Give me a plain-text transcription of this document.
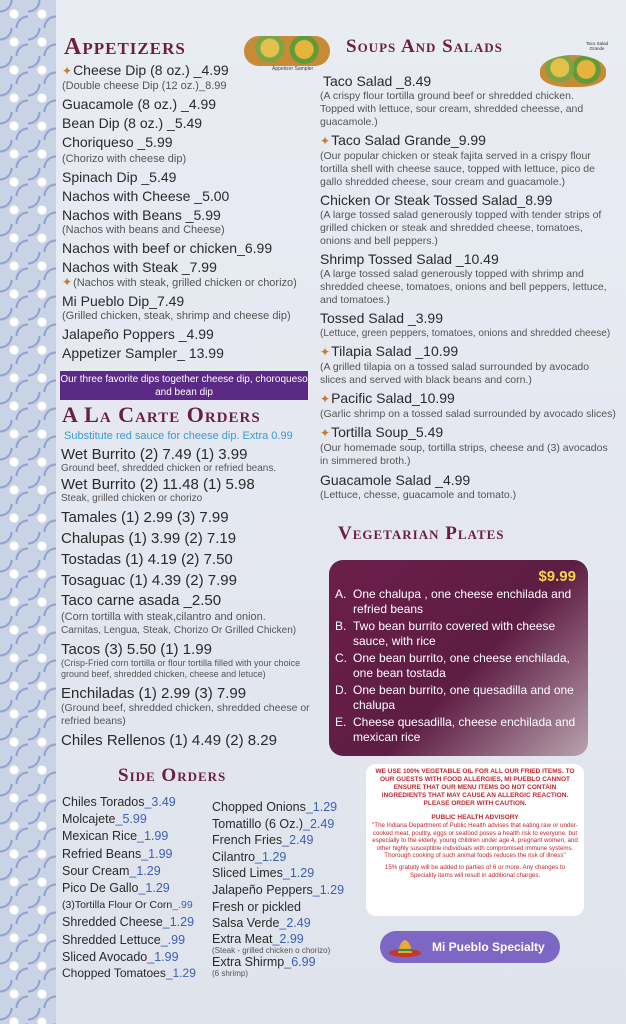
Appetizers
✦Cheese Dip (8 oz.) _4.99
(Double cheese Dip (12 oz.)_8.99
Guacamole (8 oz.) _4.99
Bean Dip (8 oz.) _5.49
Choriqueso _5.99
(Chorizo with cheese dip)
Spinach Dip _5.49
Nachos with Cheese _5.00
Nachos with Beans _5.99
(Nachos with beans and Cheese)
Nachos with beef or chicken_6.99
Nachos with Steak _7.99
✦(Nachos with steak, grilled chicken or chorizo)
Mi Pueblo Dip_7.49
(Grilled chicken, steak, shrimp and cheese dip)
Jalapeño Poppers _4.99
Appetizer Sampler_ 13.99
Appetizer Sampler
Our three favorite dips together cheese dip, choroqueso and bean dip
A La Carte Orders
Substitute red sauce for cheese dip. Extra 0.99
Wet Burrito (2) 7.49 (1) 3.99
Ground beef, shredded chicken or refried beans.
Wet Burrito (2) 11.48 (1) 5.98
Steak, grilled chicken or chorizo
Tamales (1) 2.99 (3) 7.99
Chalupas (1) 3.99 (2) 7.19
Tostadas (1) 4.19 (2) 7.50
Tosaguac (1) 4.39 (2) 7.99
Taco carne asada _2.50
(Corn tortilla with steak,cilantro and onion.
Carnitas, Lengua, Steak, Chorizo Or Grilled Chicken)
Tacos (3) 5.50 (1) 1.99
(Crisp-Fried corn tortilla or flour tortilla filled with your choice ground beef, shredded chicken, cheese and letuce)
Enchiladas (1) 2.99 (3) 7.99
(Ground beef, shredded chicken, shredded cheese or refried beans)
Chiles Rellenos (1) 4.49 (2) 8.29
Side Orders
Chiles Torados_3.49
Molcajete_5.99
Mexican Rice_1.99
Refried Beans_1.99
Sour Cream_1.29
Pico De Gallo_1.29
(3)Tortilla Flour Or Corn_.99
Shredded Cheese_1.29
Shredded Lettuce_.99
Sliced Avocado_1.99
Chopped Tomatoes_1.29
Chopped Onions_1.29
Tomatillo (6 Oz.)_2.49
French Fries_2.49
Cilantro_1.29
Sliced Limes_1.29
Jalapeño Peppers_1.29
Fresh or pickled
Salsa Verde_2.49
Extra Meat_2.99
(Steak - grilled chicken o chorizo)
Extra Shirmp_6.99
(6 shrimp)
Soups And Salads	Taco Salad Grande
Taco Salad _8.49
(A crispy flour tortilla ground beef or shredded chicken. Topped with lettuce, sour cream, shredded cheesse, and guacamole.)
✦Taco Salad Grande_9.99
(Our popular chicken or steak fajita served in a crispy flour tortilla shell with cheese sauce, topped with lettuce, pico de gallo shredded cheese, sour cream and guacamole.)
Chicken Or Steak Tossed Salad_8.99
(A large tossed salad generously topped with tender strips of grilled chicken or steak and shredded cheese, tomatoes, onions and bell peppers.)
Shrimp Tossed Salad _10.49
(A large tossed salad generously topped with shrimp and shredded cheese, tomatoes, onions and bell peppers, lettuce, and tomatoes.)
Tossed Salad _3.99
(Lettuce, green peppers, tomatoes, onions and shredded cheese)
✦Tilapia Salad _10.99
(A grilled tilapia on a tossed salad surrounded by avocado slices and served with black beans and corn.)
✦Pacific Salad_10.99
(Garlic shrimp on a tossed salad surrounded by avocado slices)
✦Tortilla Soup_5.49
(Our homemade soup, tortilla strips, cheese and (3) avocados in simmered broth.)
Guacamole Salad _4.99
(Lettuce, chesse, guacamole and tomato.)
Vegetarian Plates
$9.99
A. One chalupa , one cheese enchilada and refried beans
B. Two bean burrito covered with cheese sauce, with rice
C. One bean burrito, one cheese enchilada, one bean tostada
D. One bean burrito, one quesadilla and one chalupa
E. Cheese quesadilla, cheese enchilada and mexican rice
WE USE 100% VEGETABLE OIL FOR ALL OUR FRIED ITEMS. TO OUR GUESTS WITH FOOD ALLERGIES, MI PUEBLO CANNOT ENSURE THAT OUR MENU ITEMS DO NOT CONTAIN INGREDIENTS THAT MAY CAUSE AN ALLERGIC REACTION. PLEASE ORDER WITH CAUTION.
PUBLIC HEALTH ADVISORY
"The Indiana Department of Public Health advises that eating raw or under-cooked meat, poultry, eggs or seafood poses a health risk to everyone, but especially to the elderly, young children under age 4, pregnant women, and other highly susceptible individuals with compromised immune systems. Thorough cooking of such animal foods reduces the risk of illness"
15% gratuity will be added to parties of 6 or more. Any changes to Speciality items will result in additional charges.
Mi Pueblo Specialty
